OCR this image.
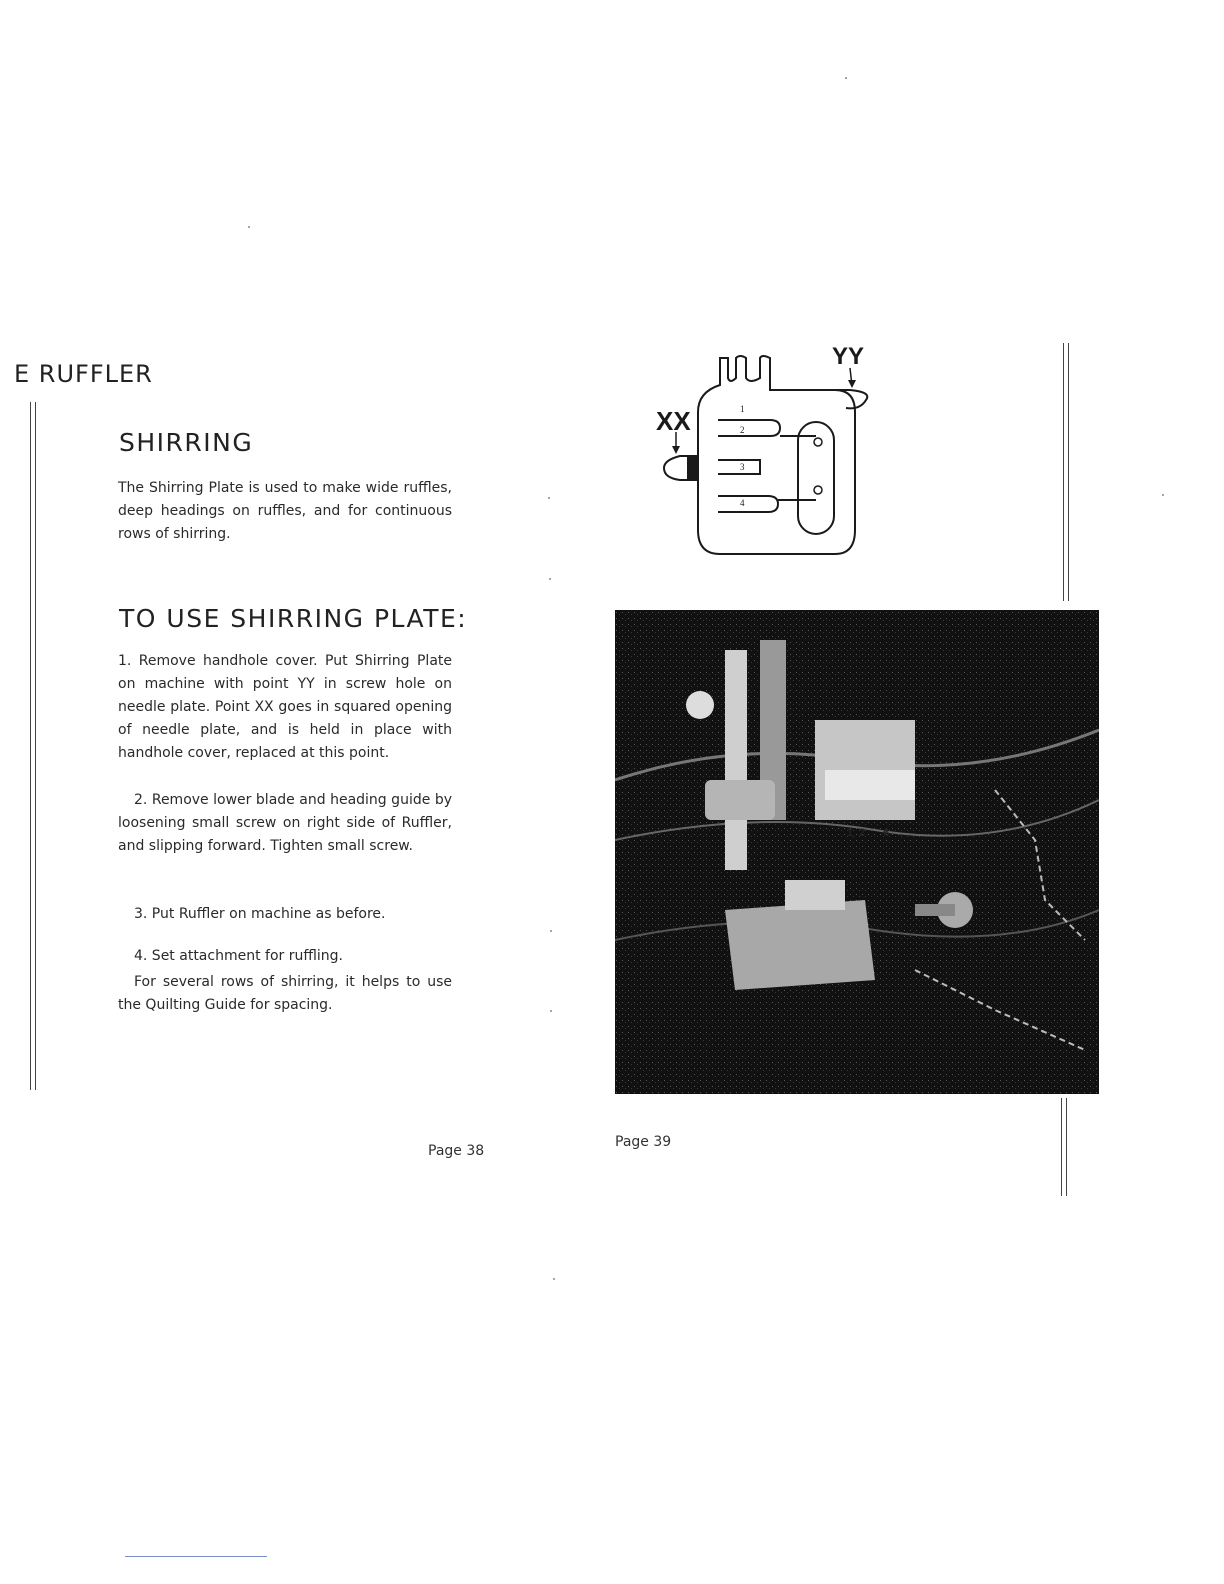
E RUFFLER
SHIRRING
The Shirring Plate is used to make wide ruffles, deep headings on ruffles, and for continuous rows of shirring.
TO USE SHIRRING PLATE:
1. Remove handhole cover. Put Shirring Plate on machine with point YY in screw hole on needle plate. Point XX goes in squared opening of needle plate, and is held in place with handhole cover, replaced at this point.
2. Remove lower blade and heading guide by loosening small screw on right side of Ruffler, and slipping forward. Tighten small screw.
3. Put Ruffler on machine as before.
4. Set attachment for ruffling.
For several rows of shirring, it helps to use the Quilting Guide for spacing.
Page 38
Page 39
XX
YY
1
2
3
4
1 2 6
